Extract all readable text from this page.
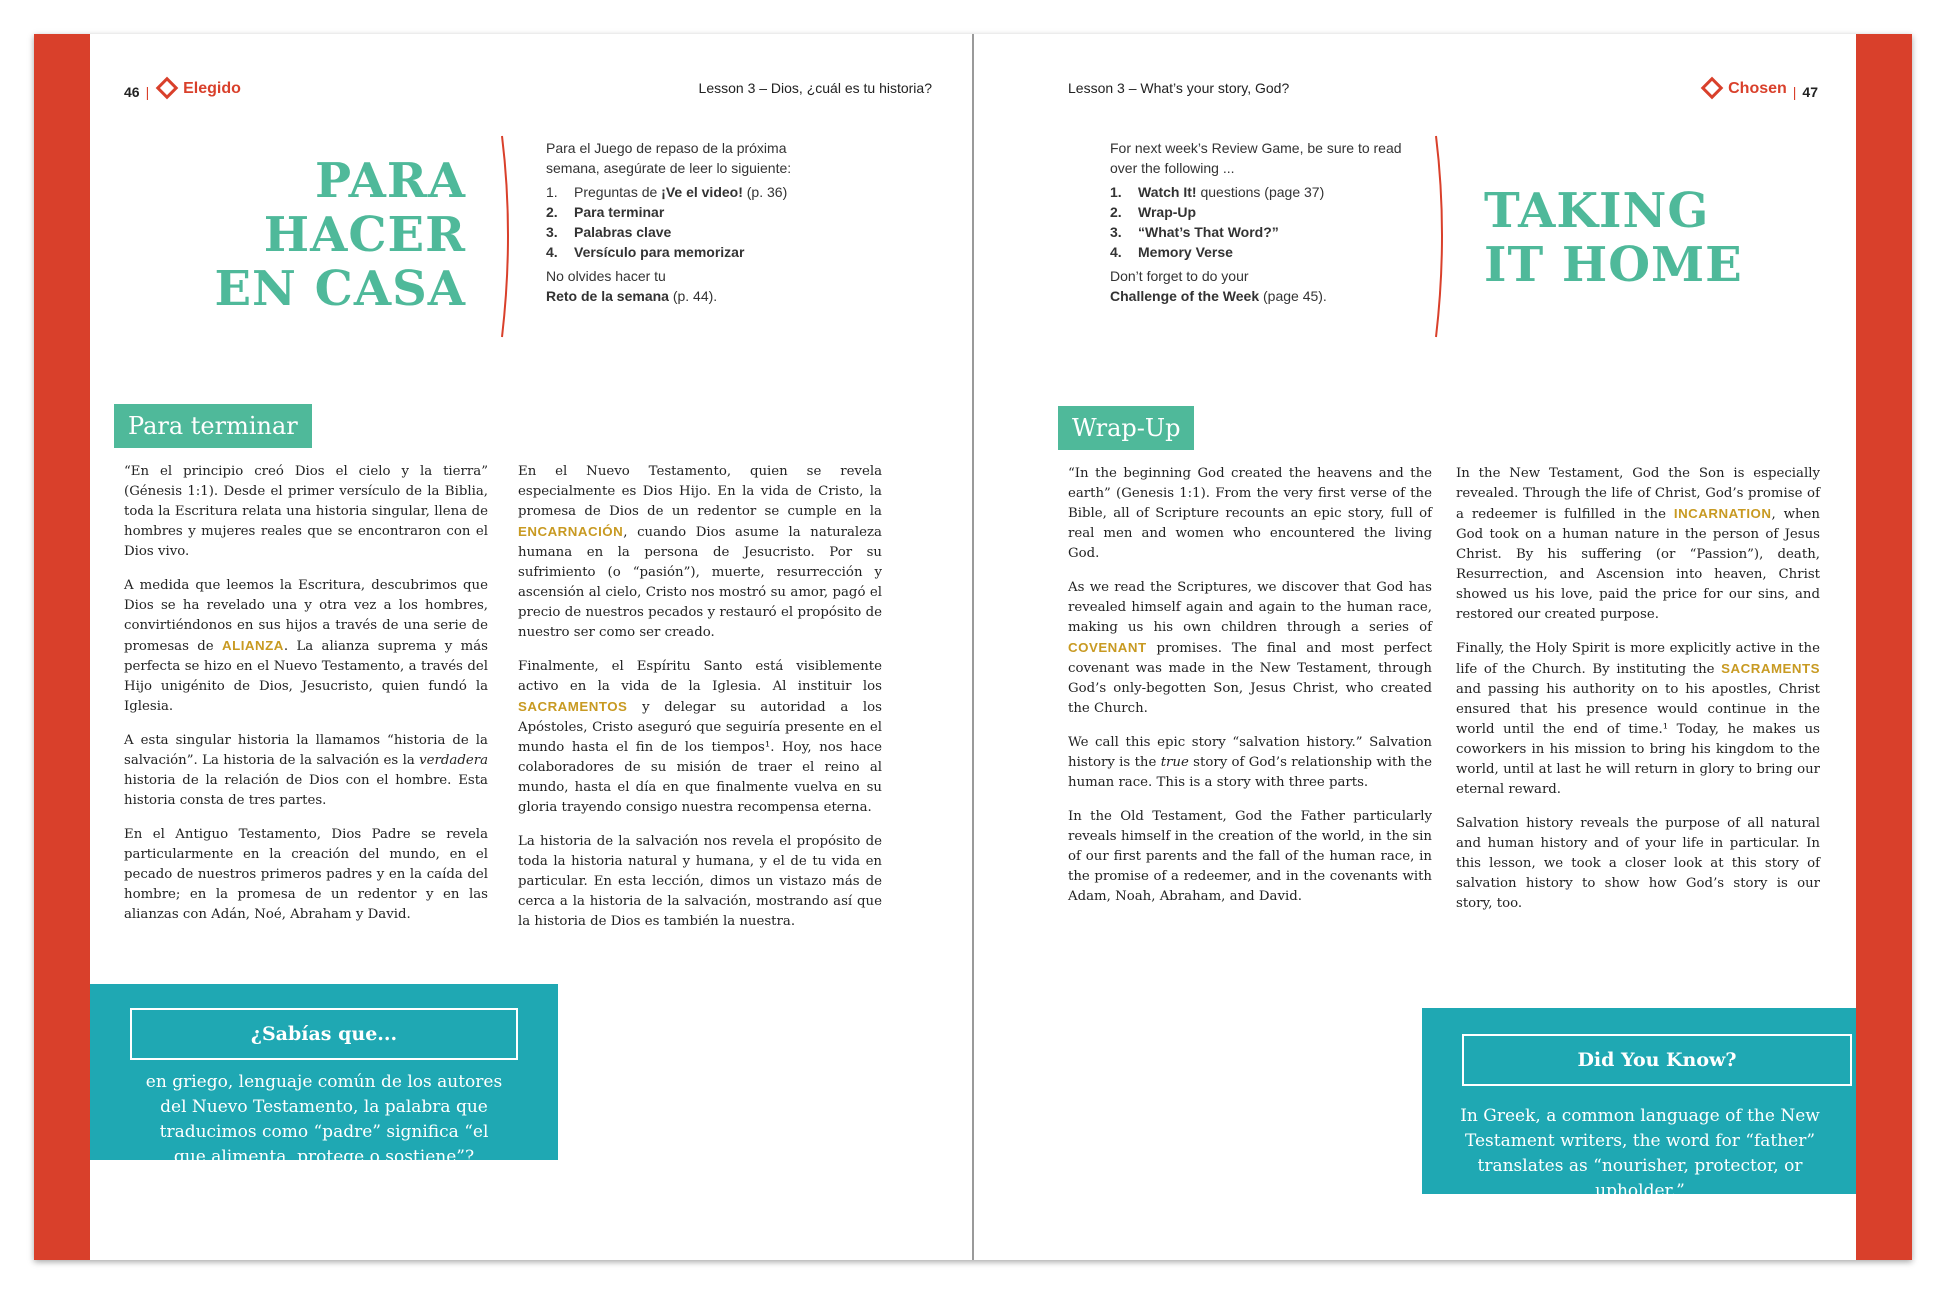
46 | Elegido	Lesson 3 – Dios, ¿cuál es tu historia?
PARA
HACER
EN CASA
Para el Juego de repaso de la próxima semana, asegúrate de leer lo siguiente:
1.	Preguntas de ¡Ve el video! (p. 36)
2.	Para terminar
3.	Palabras clave
4.	Versículo para memorizar
No olvides hacer tu
Reto de la semana (p. 44).
Para terminar

“En el principio creó Dios el cielo y la tierra” (Génesis 1:1). Desde el primer versículo de la Biblia, toda la Escritura relata una historia singular, llena de hombres y mujeres reales que se encontraron con el Dios vivo.

A medida que leemos la Escritura, descubrimos que Dios se ha revelado una y otra vez a los hombres, convirtiéndonos en sus hijos a través de una serie de promesas de ALIANZA. La alianza suprema y más perfecta se hizo en el Nuevo Testamento, a través del Hijo unigénito de Dios, Jesucristo, quien fundó la Iglesia.

A esta singular historia la llamamos “historia de la salvación”. La historia de la salvación es la verdadera historia de la relación de Dios con el hombre. Esta historia consta de tres partes.

En el Antiguo Testamento, Dios Padre se revela particularmente en la creación del mundo, en el pecado de nuestros primeros padres y en la caída del hombre; en la promesa de un redentor y en las alianzas con Adán, Noé, Abraham y David.

En el Nuevo Testamento, quien se revela especialmente es Dios Hijo. En la vida de Cristo, la promesa de Dios de un redentor se cumple en la ENCARNACIÓN, cuando Dios asume la naturaleza humana en la persona de Jesucristo. Por su sufrimiento (o “pasión”), muerte, resurrección y ascensión al cielo, Cristo nos mostró su amor, pagó el precio de nuestros pecados y restauró el propósito de nuestro ser como ser creado.

Finalmente, el Espíritu Santo está visiblemente activo en la vida de la Iglesia. Al instituir los SACRAMENTOS y delegar su autoridad a los Apóstoles, Cristo aseguró que seguiría presente en el mundo hasta el fin de los tiempos¹. Hoy, nos hace colaboradores de su misión de traer el reino al mundo, hasta el día en que finalmente vuelva en su gloria trayendo consigo nuestra recompensa eterna.

La historia de la salvación nos revela el propósito de toda la historia natural y humana, y el de tu vida en particular. En esta lección, dimos un vistazo más de cerca a la historia de la salvación, mostrando así que la historia de Dios es también la nuestra.

¿Sabías que...
en griego, lenguaje común de los autores del Nuevo Testamento, la palabra que traducimos como “padre” significa “el que alimenta, protege o sostiene”?
Lesson 3 – What’s your story, God?	Chosen | 47
For next week’s Review Game, be sure to read over the following ...
1.	Watch It! questions (page 37)
2.	Wrap-Up
3.	“What’s That Word?”
4.	Memory Verse
Don’t forget to do your
Challenge of the Week (page 45).
TAKING
IT HOME
Wrap-Up

“In the beginning God created the heavens and the earth” (Genesis 1:1). From the very first verse of the Bible, all of Scripture recounts an epic story, full of real men and women who encountered the living God.

As we read the Scriptures, we discover that God has revealed himself again and again to the human race, making us his own children through a series of COVENANT promises. The final and most perfect covenant was made in the New Testament, through God’s only-begotten Son, Jesus Christ, who created the Church.

We call this epic story “salvation history.” Salvation history is the true story of God’s relationship with the human race. This is a story with three parts.

In the Old Testament, God the Father particularly reveals himself in the creation of the world, in the sin of our first parents and the fall of the human race, in the promise of a redeemer, and in the covenants with Adam, Noah, Abraham, and David.

In the New Testament, God the Son is especially revealed. Through the life of Christ, God’s promise of a redeemer is fulfilled in the INCARNATION, when God took on a human nature in the person of Jesus Christ. By his suffering (or “Passion”), death, Resurrection, and Ascension into heaven, Christ showed us his love, paid the price for our sins, and restored our created purpose.

Finally, the Holy Spirit is more explicitly active in the life of the Church. By instituting the SACRAMENTS and passing his authority on to his apostles, Christ ensured that his presence would continue in the world until the end of time.¹ Today, he makes us coworkers in his mission to bring his kingdom to the world, until at last he will return in glory to bring our eternal reward.

Salvation history reveals the purpose of all natural and human history and of your life in particular. In this lesson, we took a closer look at this story of salvation history to show how God’s story is our story, too.

Did You Know?
In Greek, a common language of the New Testament writers, the word for “father” translates as “nourisher, protector, or upholder.”
